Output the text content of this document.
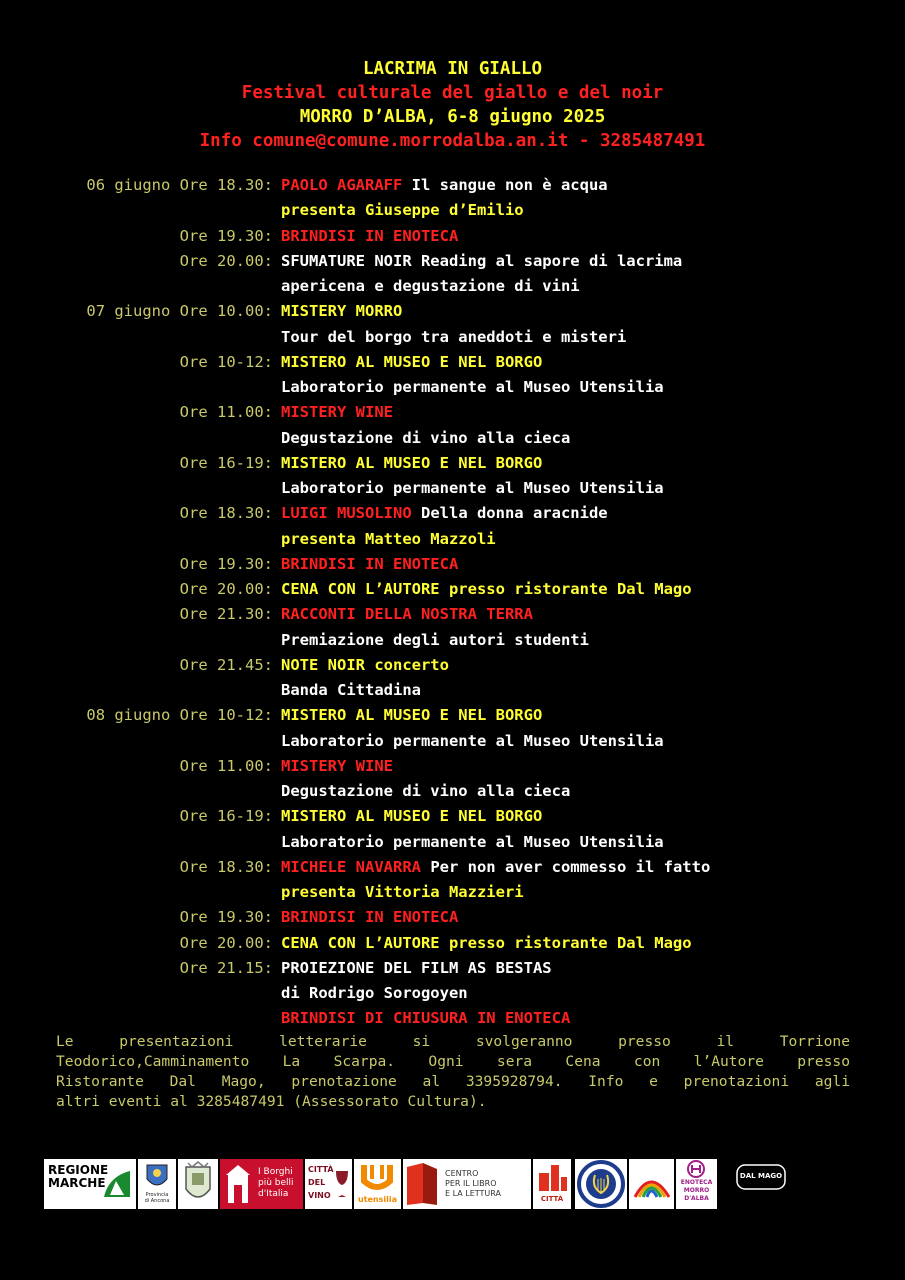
LACRIMA IN GIALLO
Festival culturale del giallo e del noir
MORRO D’ALBA, 6-8 giugno 2025
Info comune@comune.morrodalba.an.it - 3285487491
06 giugno Ore 18.30: PAOLO AGARAFF Il sangue non è acqua
presenta Giuseppe d’Emilio
Ore 19.30: BRINDISI IN ENOTECA
Ore 20.00: SFUMATURE NOIR Reading al sapore di lacrima
apericena e degustazione di vini
07 giugno Ore 10.00: MISTERY MORRO
Tour del borgo tra aneddoti e misteri
Ore 10-12: MISTERO AL MUSEO E NEL BORGO
Laboratorio permanente al Museo Utensilia
Ore 11.00: MISTERY WINE
Degustazione di vino alla cieca
Ore 16-19: MISTERO AL MUSEO E NEL BORGO
Laboratorio permanente al Museo Utensilia
Ore 18.30: LUIGI MUSOLINO Della donna aracnide
presenta Matteo Mazzoli
Ore 19.30: BRINDISI IN ENOTECA
Ore 20.00: CENA CON L’AUTORE presso ristorante Dal Mago
Ore 21.30: RACCONTI DELLA NOSTRA TERRA
Premiazione degli autori studenti
Ore 21.45: NOTE NOIR concerto
Banda Cittadina
08 giugno Ore 10-12: MISTERO AL MUSEO E NEL BORGO
Laboratorio permanente al Museo Utensilia
Ore 11.00: MISTERY WINE
Degustazione di vino alla cieca
Ore 16-19: MISTERO AL MUSEO E NEL BORGO
Laboratorio permanente al Museo Utensilia
Ore 18.30: MICHELE NAVARRA Per non aver commesso il fatto
presenta Vittoria Mazzieri
Ore 19.30: BRINDISI IN ENOTECA
Ore 20.00: CENA CON L’AUTORE presso ristorante Dal Mago
Ore 21.15: PROIEZIONE DEL FILM AS BESTAS
di Rodrigo Sorogoyen
BRINDISI DI CHIUSURA IN ENOTECA
Le presentazioni letterarie si svolgeranno presso il Torrione
Teodorico,Camminamento La Scarpa. Ogni sera Cena con l’Autore presso
Ristorante Dal Mago, prenotazione al 3395928794. Info e prenotazioni agli
altri eventi al 3285487491 (Assessorato Cultura).
REGIONE
MARCHE
Provincia
di Ancona
I Borghi
più belli
d'Italia
CITTÀ
DEL
VINO	utensilia
CENTRO
PER IL LIBRO
E LA LETTURA
CITTÀ
ENOTECA
MORRO
D'ALBA
DAL MAGO
